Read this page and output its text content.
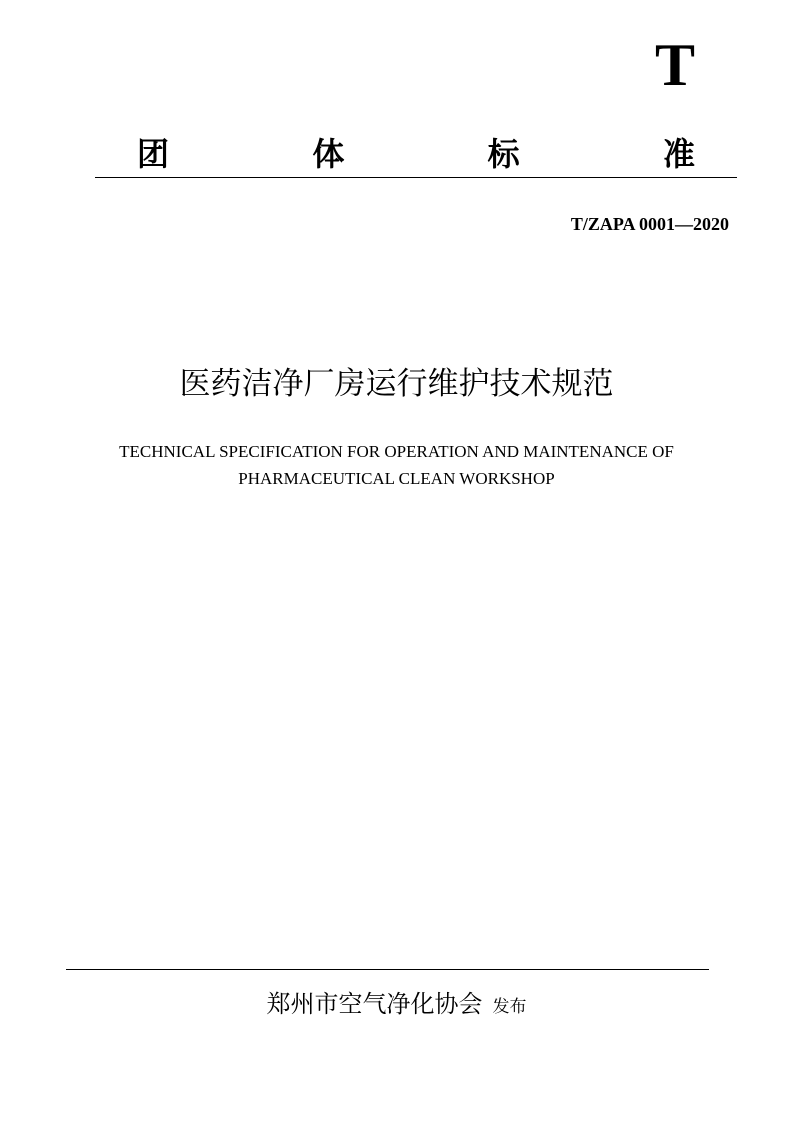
T
团	体	标	准
T/ZAPA 0001—2020
医药洁净厂房运行维护技术规范
TECHNICAL SPECIFICATION FOR OPERATION AND MAINTENANCE OF
PHARMACEUTICAL CLEAN WORKSHOP
郑州市空气净化协会 发布
